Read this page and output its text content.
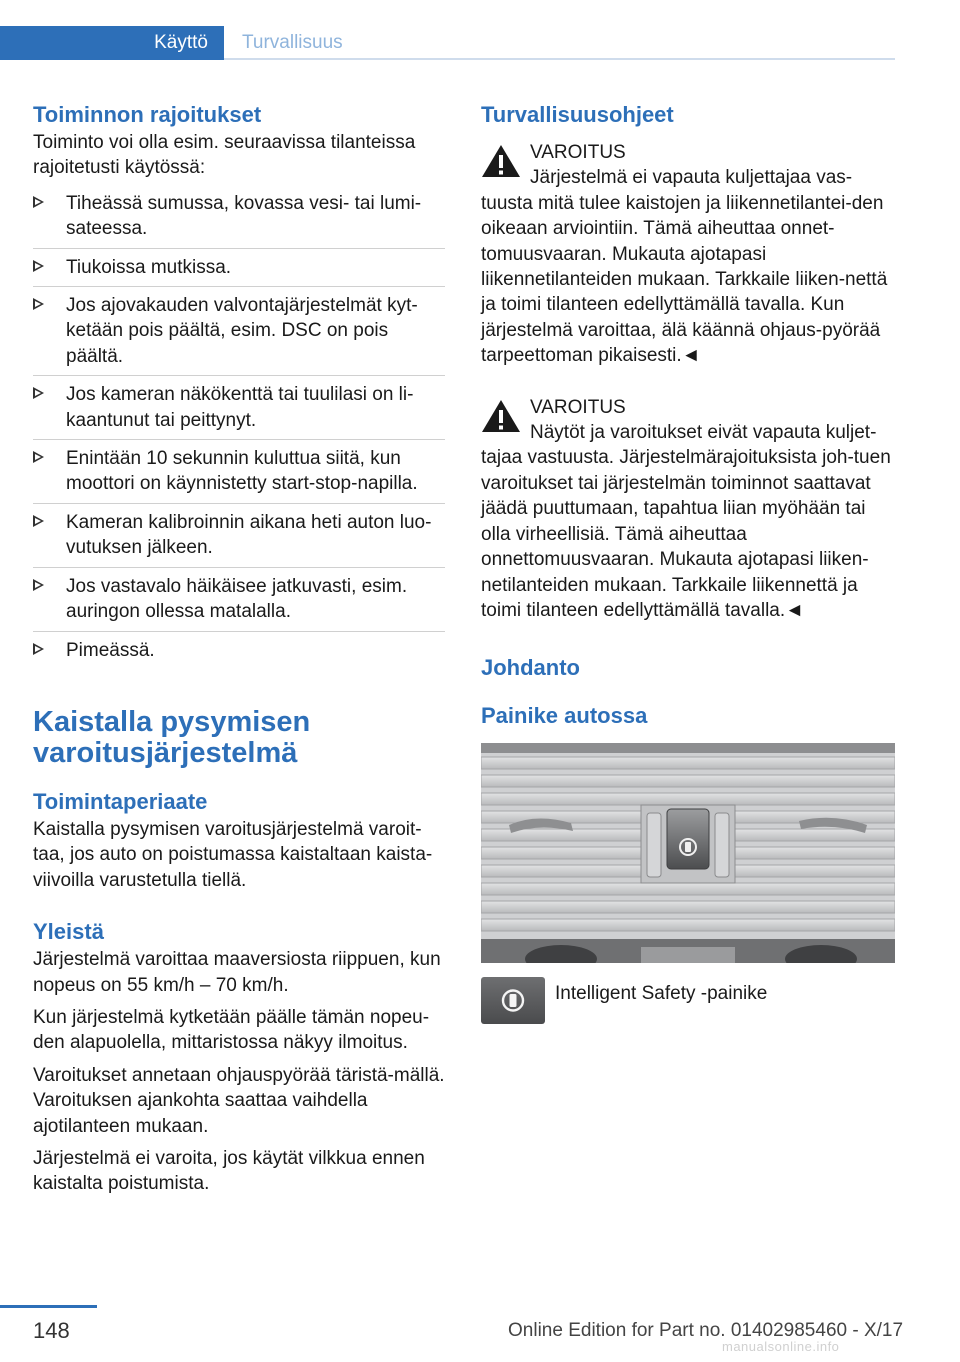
Käyttö	Turvallisuus
Toiminnon rajoitukset

Toiminto voi olla esim. seuraavissa tilanteissa rajoitetusti käytössä:

Tiheässä sumussa, kovassa vesi- tai lumi-sateessa.
Tiukoissa mutkissa.
Jos ajovakauden valvontajärjestelmät kyt-ketään pois päältä, esim. DSC on pois päältä.
Jos kameran näkökenttä tai tuulilasi on li-kaantunut tai peittynyt.
Enintään 10 sekunnin kuluttua siitä, kun moottori on käynnistetty start-stop-napilla.
Kameran kalibroinnin aikana heti auton luo-vutuksen jälkeen.
Jos vastavalo häikäisee jatkuvasti, esim. auringon ollessa matalalla.
Pimeässä.
Kaistalla pysymisen
varoitusjärjestelmä
Toimintaperiaate

Kaistalla pysymisen varoitusjärjestelmä varoit-taa, jos auto on poistumassa kaistaltaan kaista-viivoilla varustetulla tiellä.

Yleistä

Järjestelmä varoittaa maaversiosta riippuen, kun nopeus on 55 km/h – 70 km/h.

Kun järjestelmä kytketään päälle tämän nopeu-den alapuolella, mittaristossa näkyy ilmoitus.

Varoitukset annetaan ohjauspyörää täristä-mällä. Varoituksen ajankohta saattaa vaihdella ajotilanteen mukaan.

Järjestelmä ei varoita, jos käytät vilkkua ennen kaistalta poistumista.

Turvallisuusohjeet
VAROITUS
Järjestelmä ei vapauta kuljettajaa vas-
tuusta mitä tulee kaistojen ja liikennetilantei-den oikeaan arviointiin. Tämä aiheuttaa onnet-tomuusvaaran. Mukauta ajotapasi liikennetilanteiden mukaan. Tarkkaile liiken-nettä ja toimi tilanteen edellyttämällä tavalla. Kun järjestelmä varoittaa, älä käännä ohjaus-pyörää tarpeettoman pikaisesti.◄
VAROITUS
Näytöt ja varoitukset eivät vapauta kuljet-
tajaa vastuusta. Järjestelmärajoituksista joh-tuen varoitukset tai järjestelmän toiminnot saattavat jäädä puuttumaan, tapahtua liian myöhään tai olla virheellisiä. Tämä aiheuttaa onnettomuusvaaran. Mukauta ajotapasi liiken-netilanteiden mukaan. Tarkkaile liikennettä ja toimi tilanteen edellyttämällä tavalla.◄
Johdanto
Painike autossa
Intelligent Safety -painike
148	Online Edition for Part no. 01402985460 - X/17
manualsonline.info
